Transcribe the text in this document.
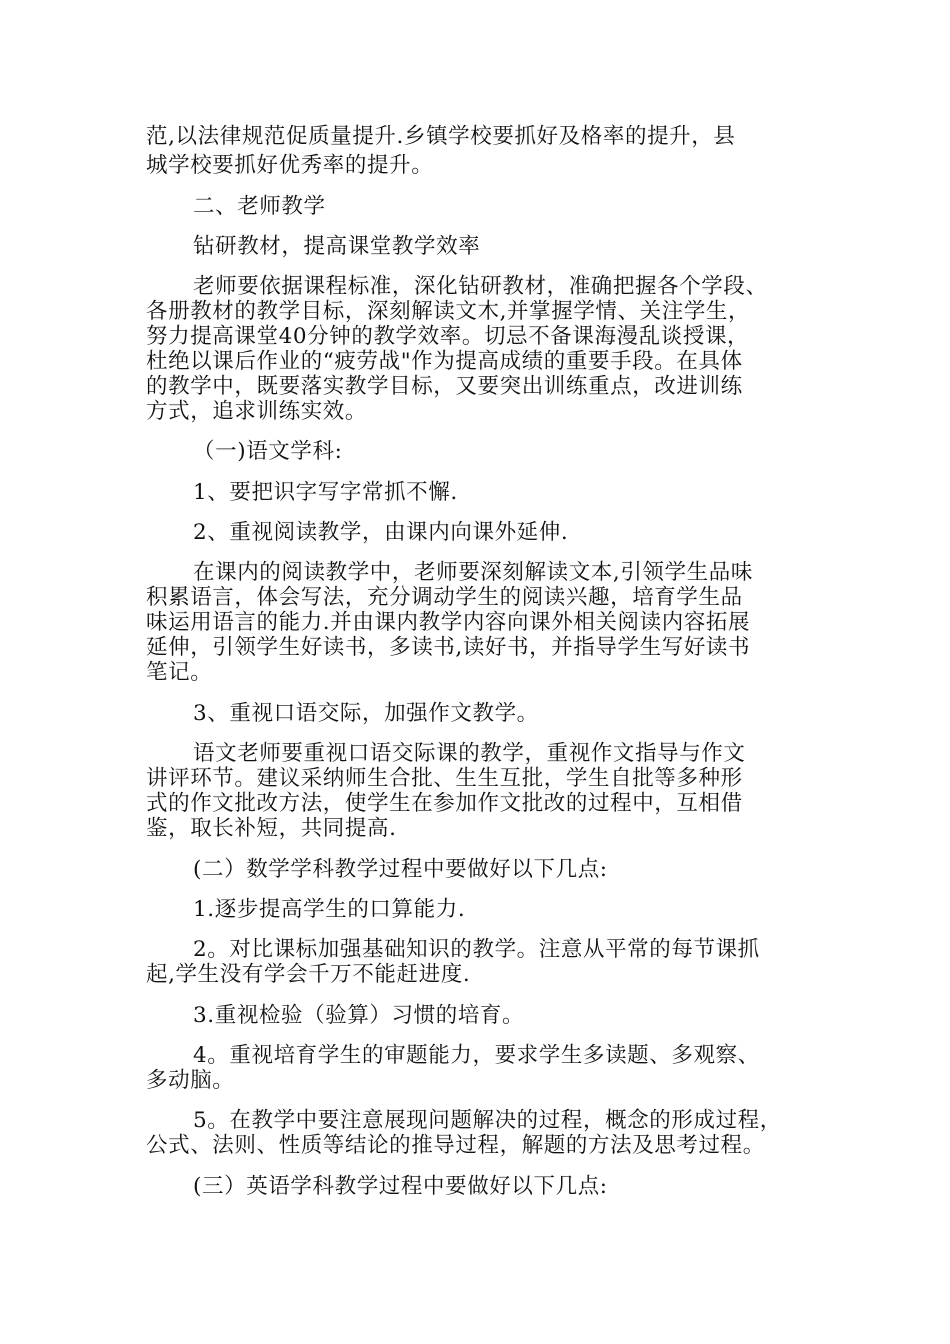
范,以法律规范促质量提升.乡镇学校要抓好及格率的提升，县
城学校要抓好优秀率的提升。
二、老师教学
钻研教材，提高课堂教学效率
老师要依据课程标准，深化钻研教材，准确把握各个学段、
各册教材的教学目标，深刻解读文木,并掌握学情、关注学生，
努力提高课堂40分钟的教学效率。切忌不备课海漫乱谈授课，
杜绝以课后作业的“疲劳战"作为提高成绩的重要手段。在具体
的教学中，既要落实教学目标，又要突出训练重点，改进训练
方式，追求训练实效。
（一)语文学科:
1、要把识字写字常抓不懈.
2、重视阅读教学，由课内向课外延伸.
在课内的阅读教学中，老师要深刻解读文本,引领学生品味
积累语言，体会写法，充分调动学生的阅读兴趣，培育学生品
味运用语言的能力.并由课内教学内容向课外相关阅读内容拓展
延伸，引领学生好读书，多读书,读好书，并指导学生写好读书
笔记。
3、重视口语交际，加强作文教学。
语文老师要重视口语交际课的教学，重视作文指导与作文
讲评环节。建议采纳师生合批、生生互批，学生自批等多种形
式的作文批改方法，使学生在参加作文批改的过程中，互相借
鉴，取长补短，共同提高.
(二）数学学科教学过程中要做好以下几点:
1.逐步提高学生的口算能力.
2。对比课标加强基础知识的教学。注意从平常的每节课抓
起,学生没有学会千万不能赶进度.
3.重视检验（验算）习惯的培育。
4。重视培育学生的审题能力，要求学生多读题、多观察、
多动脑。
5。在教学中要注意展现问题解决的过程，概念的形成过程，
公式、法则、性质等结论的推导过程，解题的方法及思考过程。
(三）英语学科教学过程中要做好以下几点:
